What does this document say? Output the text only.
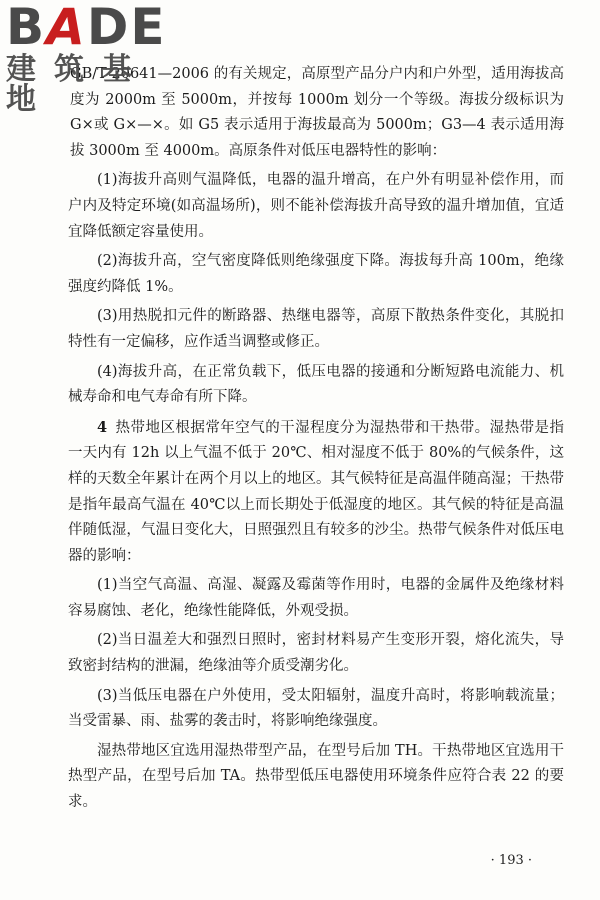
BADE
建筑基地

GB/T 20641—2006 的有关规定，高原型产品分户内和户外型，适用海拔高度为 2000m 至 5000m，并按每 1000m 划分一个等级。海拔分级标识为 G×或 G×—×。如 G5 表示适用于海拔最高为 5000m；G3—4 表示适用海拔 3000m 至 4000m。高原条件对低压电器特性的影响：

(1)海拔升高则气温降低，电器的温升增高，在户外有明显补偿作用，而户内及特定环境(如高温场所)，则不能补偿海拔升高导致的温升增加值，宜适宜降低额定容量使用。

(2)海拔升高，空气密度降低则绝缘强度下降。海拔每升高 100m，绝缘强度约降低 1%。

(3)用热脱扣元件的断路器、热继电器等，高原下散热条件变化，其脱扣特性有一定偏移，应作适当调整或修正。

(4)海拔升高，在正常负载下，低压电器的接通和分断短路电流能力、机械寿命和电气寿命有所下降。

4 热带地区根据常年空气的干湿程度分为湿热带和干热带。湿热带是指一天内有 12h 以上气温不低于 20℃、相对湿度不低于 80%的气候条件，这样的天数全年累计在两个月以上的地区。其气候特征是高温伴随高湿；干热带是指年最高气温在 40℃以上而长期处于低湿度的地区。其气候的特征是高温伴随低湿，气温日变化大，日照强烈且有较多的沙尘。热带气候条件对低压电器的影响：

(1)当空气高温、高湿、凝露及霉菌等作用时，电器的金属件及绝缘材料容易腐蚀、老化，绝缘性能降低，外观受损。

(2)当日温差大和强烈日照时，密封材料易产生变形开裂，熔化流失，导致密封结构的泄漏，绝缘油等介质受潮劣化。

(3)当低压电器在户外使用，受太阳辐射，温度升高时，将影响载流量；当受雷暴、雨、盐雾的袭击时，将影响绝缘强度。

湿热带地区宜选用湿热带型产品，在型号后加 TH。干热带地区宜选用干热型产品，在型号后加 TA。热带型低压电器使用环境条件应符合表 22 的要求。

· 193 ·
